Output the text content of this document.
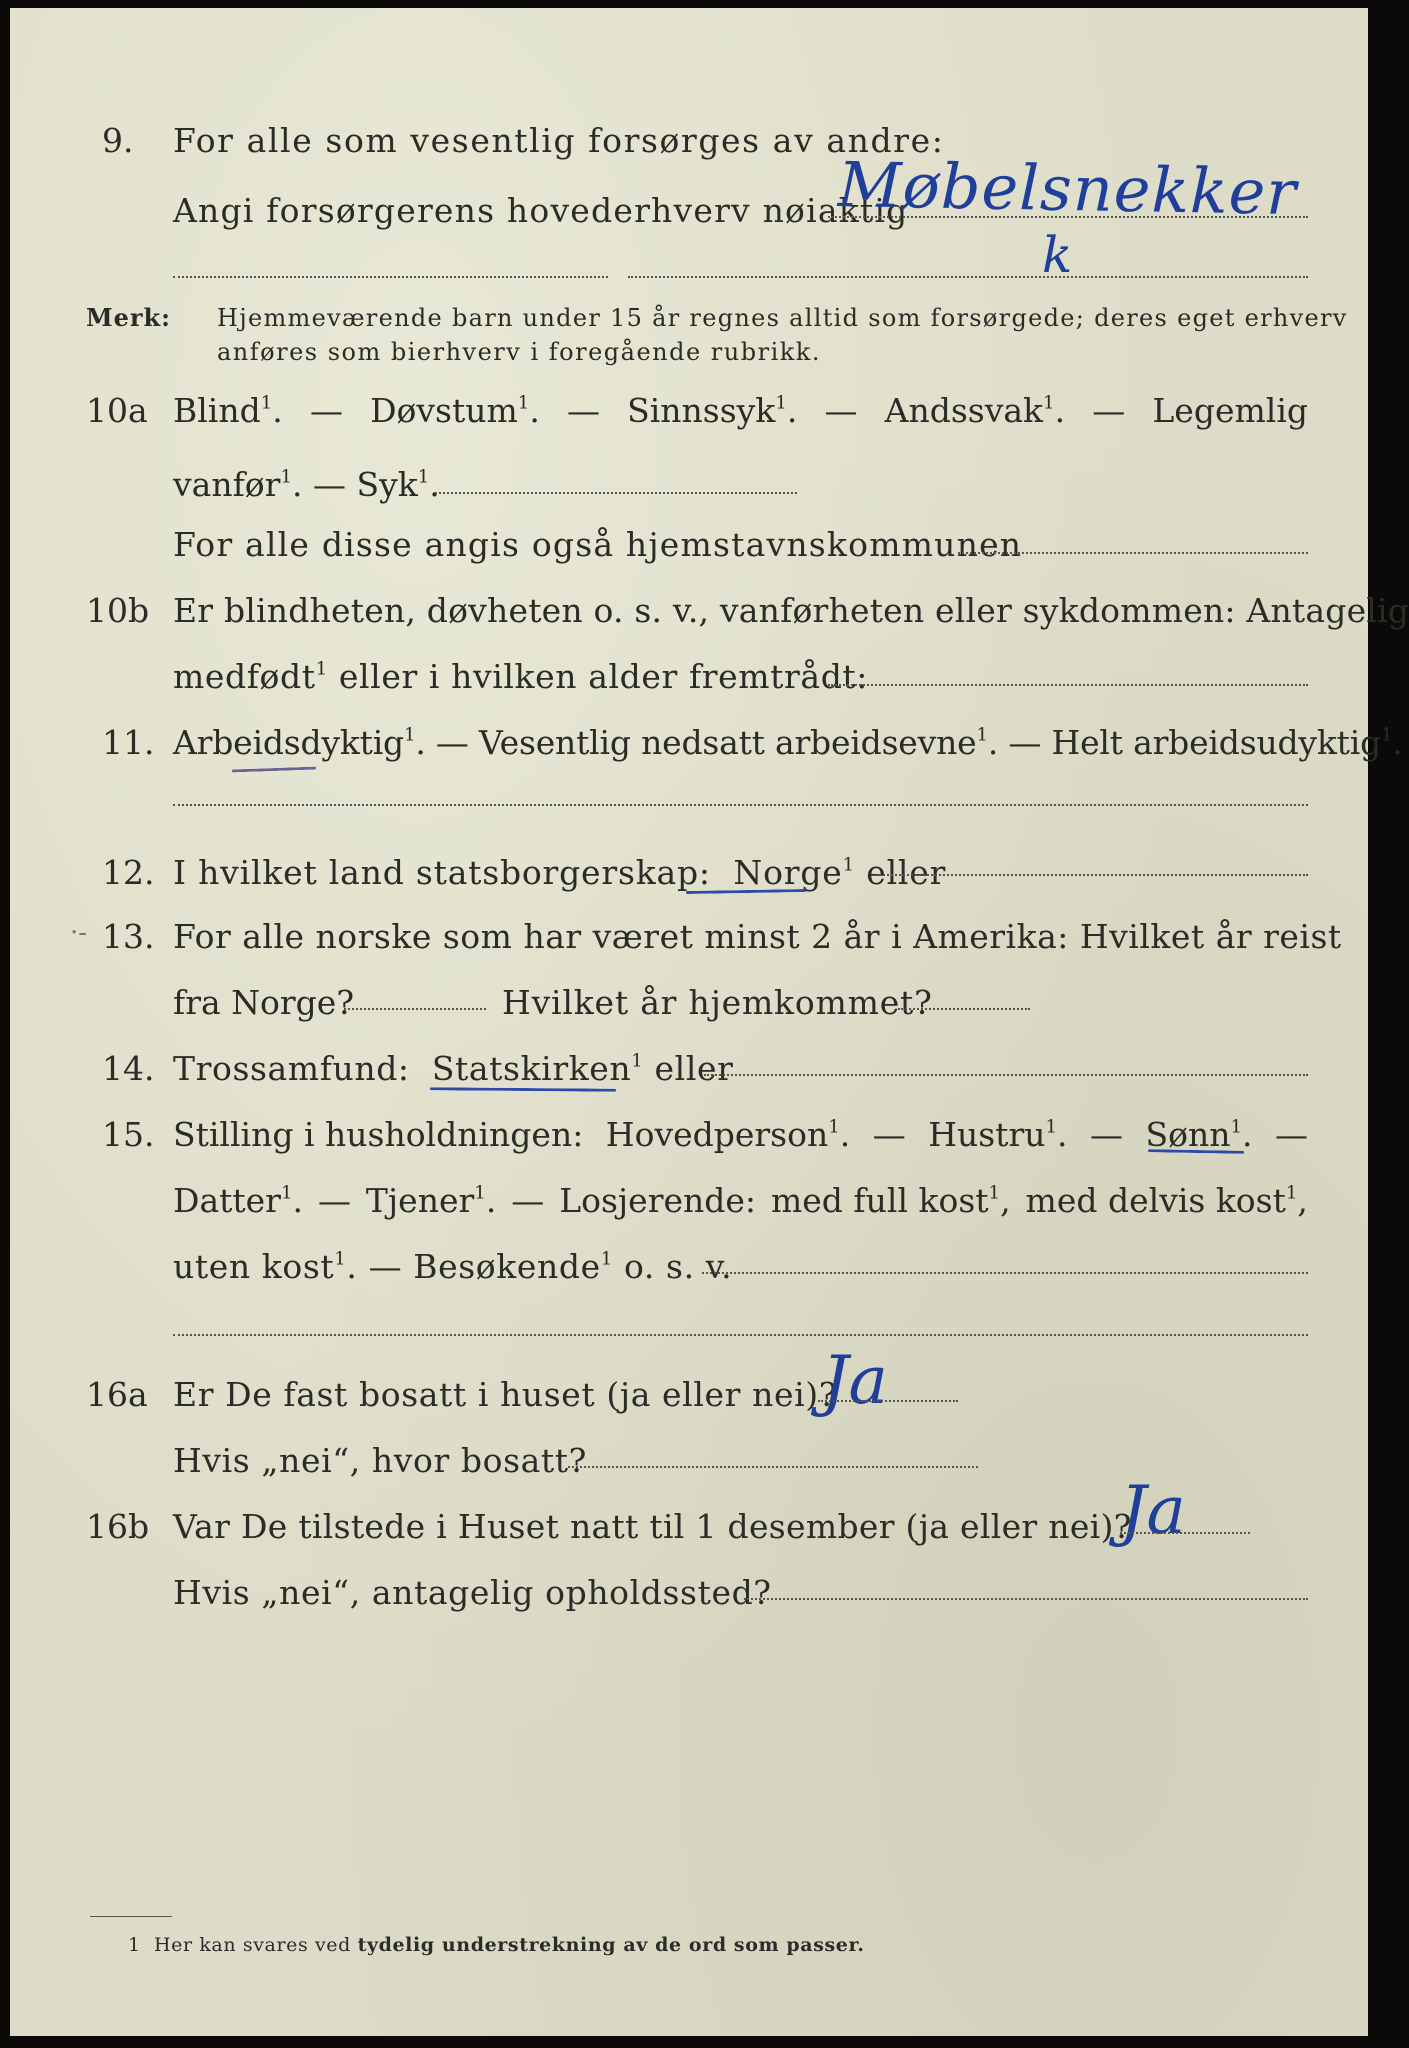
9. For alle som vesentlig forsørges av andre:
Angi forsørgerens hovederhverv nøiaktig
Møbelsnekker
k
Merk: Hjemmeværende barn under 15 år regnes alltid som forsørgede; deres eget erhverv
anføres som bierhverv i foregående rubrikk.
10a Blind$^1$. — Døvstum$^1$. — Sinnssyk$^1$. — Andssvak$^1$. — Legemlig
vanfør$^1$. — Syk$^1$.
For alle disse angis også hjemstavnskommunen
10b Er blindheten, døvheten o. s. v., vanførheten eller sykdommen: Antagelig
medfødt$^1$ eller i hvilken alder fremtrådt:
11. Arbeidsdyktig$^1$. — Vesentlig nedsatt arbeidsevne$^1$. — Helt arbeidsudyktig$^1$.
12. I hvilket land statsborgerskap: Norge$^1$ eller
13.
·-	For alle norske som har været minst 2 år i Amerika: Hvilket år reist
fra Norge?	Hvilket år hjemkommet?
14. Trossamfund: Statskirken$^1$ eller
15. Stilling i husholdningen: Hovedperson$^1$. — Hustru$^1$. — Sønn$^1$. —
Datter$^1$. — Tjener$^1$. — Losjerende: med full kost$^1$, med delvis kost$^1$,
uten kost$^1$. — Besøkende$^1$ o. s. v.
16a Er De fast bosatt i huset (ja eller nei)?
Ja
Hvis „nei“, hvor bosatt?
16b Var De tilstede i Huset natt til 1 desember (ja eller nei)?
Ja
Hvis „nei“, antagelig opholdssted?
1 Her kan svares ved tydelig understrekning av de ord som passer.
